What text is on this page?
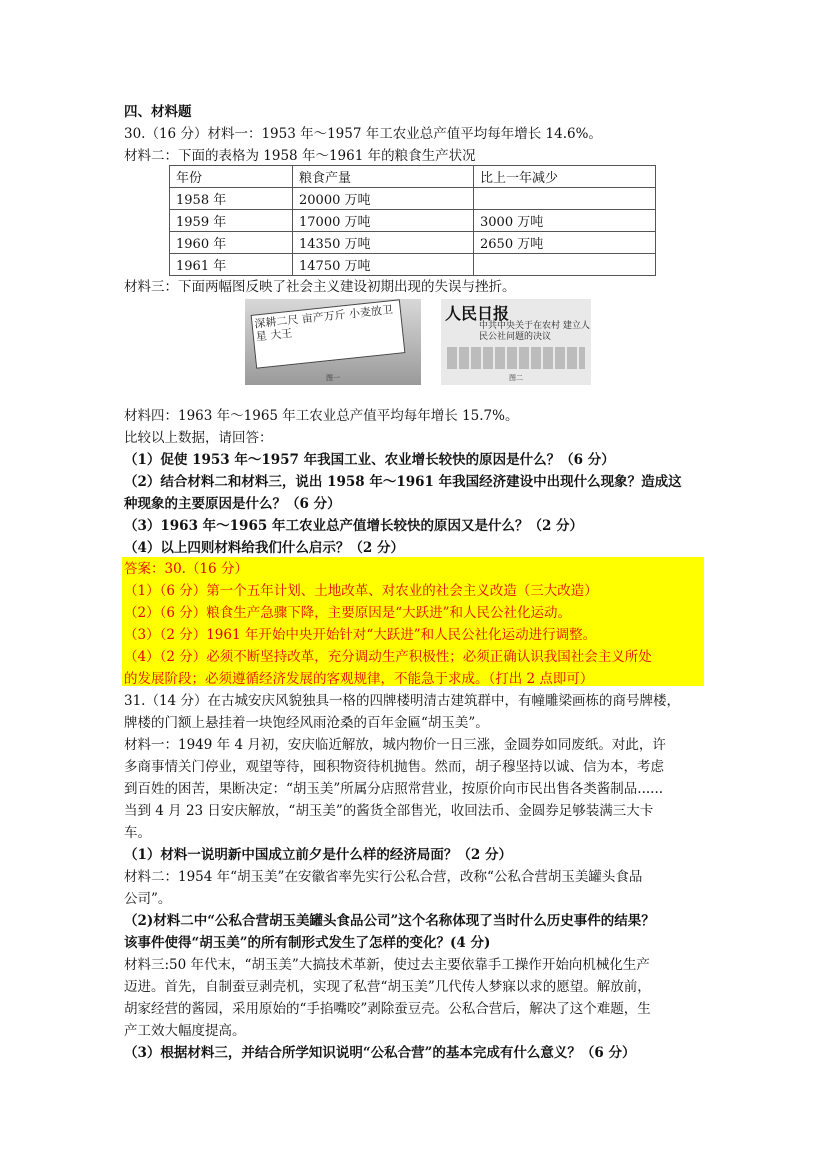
四、材料题
30.（16 分）材料一：1953 年～1957 年工农业总产值平均每年增长 14.6%。
材料二：下面的表格为 1958 年～1961 年的粮食生产状况
年份	粮食产量	比上一年减少
1958 年	20000 万吨	
1959 年	17000 万吨	3000 万吨
1960 年	14350 万吨	2650 万吨
1961 年	14750 万吨	
材料三：下面两幅图反映了社会主义建设初期出现的失误与挫折。
深耕二尺 亩产万斤 小麦放卫星 大王
图一
人民日报
中共中央关于在农村 建立人民公社问题的决议
图二
材料四：1963 年～1965 年工农业总产值平均每年增长 15.7%。
比较以上数据，请回答：
（1）促使 1953 年～1957 年我国工业、农业增长较快的原因是什么？（6 分）
（2）结合材料二和材料三，说出 1958 年～1961 年我国经济建设中出现什么现象？造成这
种现象的主要原因是什么？（6 分）
（3）1963 年～1965 年工农业总产值增长较快的原因又是什么？（2 分）
（4）以上四则材料给我们什么启示？（2 分）
答案：30.（16 分）
（1）（6 分）第一个五年计划、土地改革、对农业的社会主义改造（三大改造）
（2）（6 分）粮食生产急骤下降，主要原因是“大跃进”和人民公社化运动。
（3）（2 分）1961 年开始中央开始针对“大跃进”和人民公社化运动进行调整。
（4）（2 分）必须不断坚持改革，充分调动生产积极性；必须正确认识我国社会主义所处
的发展阶段；必须遵循经济发展的客观规律，不能急于求成。（打出 2 点即可）
31.（14 分）在古城安庆风貌独具一格的四牌楼明清古建筑群中，有幢雕梁画栋的商号牌楼，
牌楼的门额上悬挂着一块饱经风雨沧桑的百年金匾“胡玉美”。
材料一：1949 年 4 月初，安庆临近解放，城内物价一日三涨，金圆券如同废纸。对此，许
多商事情关门停业，观望等待，囤积物资待机抛售。然而，胡子穆坚持以诚、信为本，考虑
到百姓的困苦，果断决定：“胡玉美”所属分店照常营业，按原价向市民出售各类酱制品......
当到 4 月 23 日安庆解放，“胡玉美”的酱货全部售光，收回法币、金圆券足够装满三大卡
车。
（1）材料一说明新中国成立前夕是什么样的经济局面？（2 分）
材料二：1954 年“胡玉美”在安徽省率先实行公私合营，改称“公私合营胡玉美罐头食品
公司”。
（2)材料二中“公私合营胡玉美罐头食品公司”这个名称体现了当时什么历史事件的结果？
该事件使得“胡玉美”的所有制形式发生了怎样的变化？(4 分)
材料三:50 年代末，“胡玉美”大搞技术革新，使过去主要依靠手工操作开始向机械化生产
迈进。首先，自制蚕豆剥壳机，实现了私营“胡玉美”几代传人梦寐以求的愿望。解放前，
胡家经营的酱园，采用原始的“手掐嘴咬”剥除蚕豆壳。公私合营后，解决了这个难题，生
产工效大幅度提高。
（3）根据材料三，并结合所学知识说明“公私合营”的基本完成有什么意义？（6 分）
